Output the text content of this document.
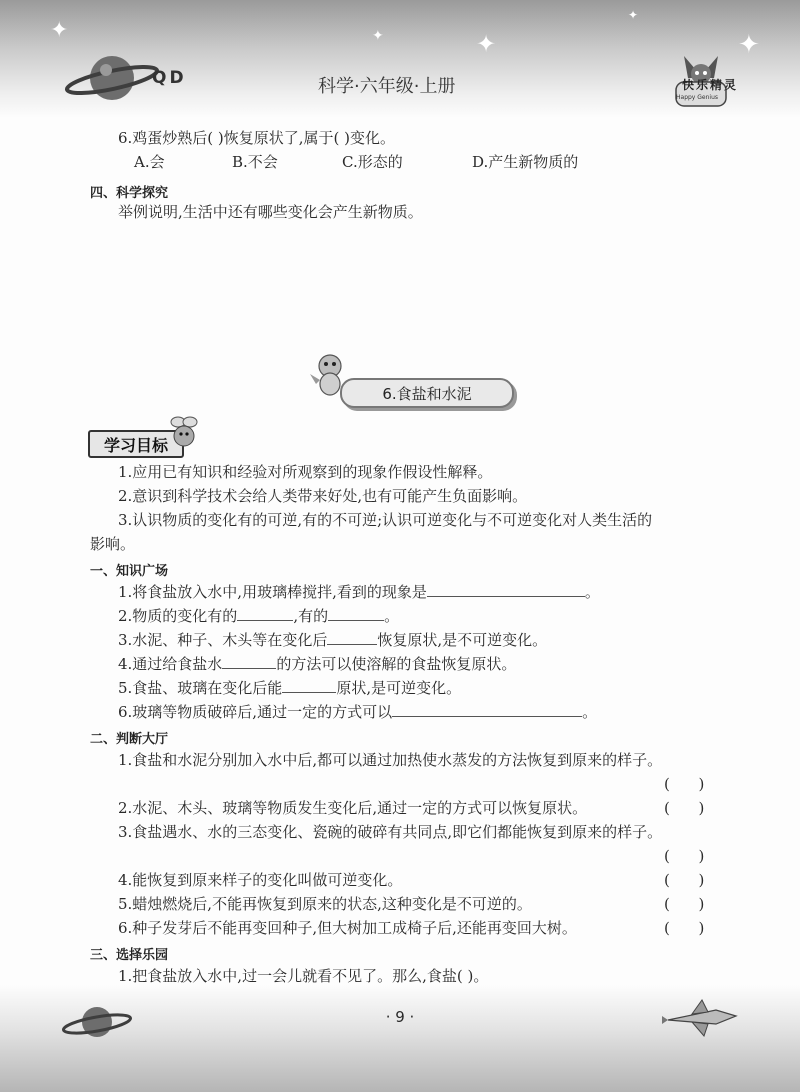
✦	✦	✦	✦
✦
QD	科学·六年级·上册	快乐精灵
Happy Genius
6.鸡蛋炒熟后( )恢复原状了,属于( )变化。
A.会	B.不会	C.形态的	D.产生新物质的
四、科学探究
举例说明,生活中还有哪些变化会产生新物质。
6.食盐和水泥
学习目标
1.应用已有知识和经验对所观察到的现象作假设性解释。
2.意识到科学技术会给人类带来好处,也有可能产生负面影响。
3.认识物质的变化有的可逆,有的不可逆;认识可逆变化与不可逆变化对人类生活的
影响。
一、知识广场
1.将食盐放入水中,用玻璃棒搅拌,看到的现象是	。
2.物质的变化有的	,有的	。
3.水泥、种子、木头等在变化后	恢复原状,是不可逆变化。
4.通过给食盐水	的方法可以使溶解的食盐恢复原状。
5.食盐、玻璃在变化后能	原状,是可逆变化。
6.玻璃等物质破碎后,通过一定的方式可以	。
二、判断大厅
1.食盐和水泥分别加入水中后,都可以通过加热使水蒸发的方法恢复到原来的样子。
(      )
2.水泥、木头、玻璃等物质发生变化后,通过一定的方式可以恢复原状。	(      )
3.食盐遇水、水的三态变化、瓷碗的破碎有共同点,即它们都能恢复到原来的样子。
(      )
4.能恢复到原来样子的变化叫做可逆变化。	(      )
5.蜡烛燃烧后,不能再恢复到原来的状态,这种变化是不可逆的。	(      )
6.种子发芽后不能再变回种子,但大树加工成椅子后,还能再变回大树。	(      )
三、选择乐园
1.把食盐放入水中,过一会儿就看不见了。那么,食盐( )。
· 9 ·
